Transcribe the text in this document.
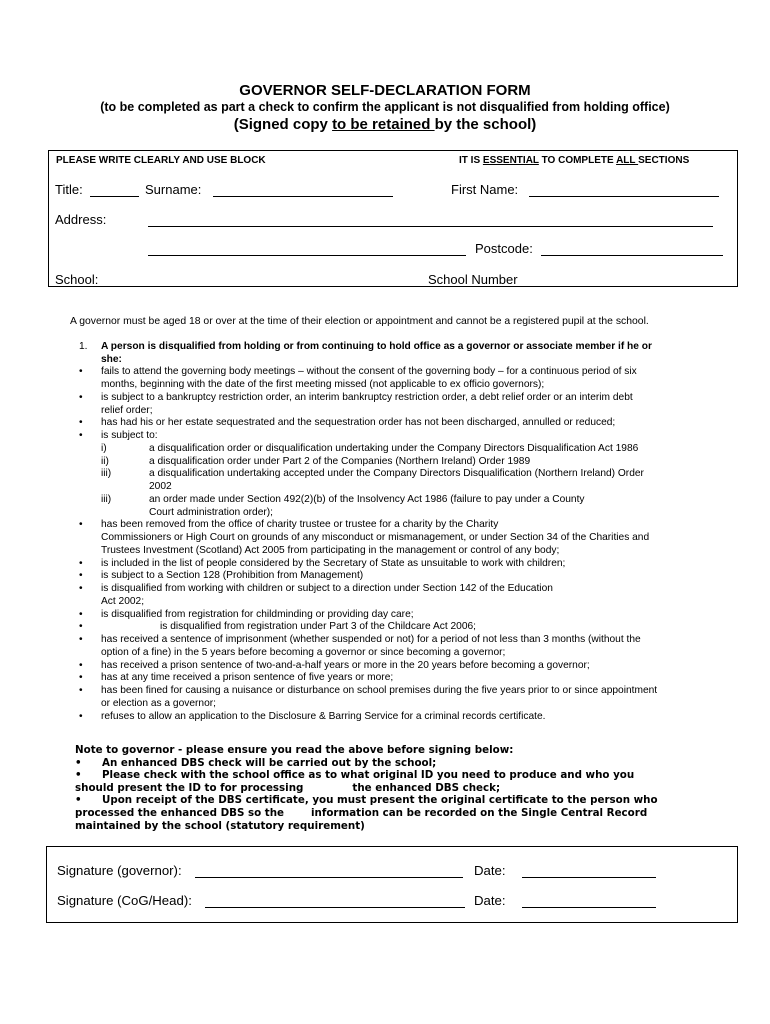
GOVERNOR SELF-DECLARATION FORM
(to be completed as part a check to confirm the applicant is not disqualified from holding office)
(Signed copy to be retained by the school)
PLEASE WRITE CLEARLY AND USE BLOCK	IT IS ESSENTIAL TO COMPLETE ALL SECTIONS
Title:	Surname:	First Name:
Address:
Postcode:
School:	School Number
A governor must be aged 18 or over at the time of their election or appointment and cannot be a registered pupil at the school.
1. A person is disqualified from holding or from continuing to hold office as a governor or associate member if he or
she:
• fails to attend the governing body meetings – without the consent of the governing body – for a continuous period of six
months, beginning with the date of the first meeting missed (not applicable to ex officio governors);
• is subject to a bankruptcy restriction order, an interim bankruptcy restriction order, a debt relief order or an interim debt
relief order;
• has had his or her estate sequestrated and the sequestration order has not been discharged, annulled or reduced;
• is subject to:
i)	a disqualification order or disqualification undertaking under the Company Directors Disqualification Act 1986
ii)	a disqualification order under Part 2 of the Companies (Northern Ireland) Order 1989
iii)	a disqualification undertaking accepted under the Company Directors Disqualification (Northern Ireland) Order
2002
iii)	an order made under Section 492(2)(b) of the Insolvency Act 1986 (failure to pay under a County
Court administration order);
• has been removed from the office of charity trustee or trustee for a charity by the Charity
Commissioners or High Court on grounds of any misconduct or mismanagement, or under Section 34 of the Charities and
Trustees Investment (Scotland) Act 2005 from participating in the management or control of any body;
• is included in the list of people considered by the Secretary of State as unsuitable to work with children;
• is subject to a Section 128 (Prohibition from Management)
• is disqualified from working with children or subject to a direction under Section 142 of the Education
Act 2002;
• is disqualified from registration for childminding or providing day care;
•	is disqualified from registration under Part 3 of the Childcare Act 2006;
• has received a sentence of imprisonment (whether suspended or not) for a period of not less than 3 months (without the
option of a fine) in the 5 years before becoming a governor or since becoming a governor;
• has received a prison sentence of two-and-a-half years or more in the 20 years before becoming a governor;
• has at any time received a prison sentence of five years or more;
• has been fined for causing a nuisance or disturbance on school premises during the five years prior to or since appointment
or election as a governor;
• refuses to allow an application to the Disclosure & Barring Service for a criminal records certificate.
Note to governor - please ensure you read the above before signing below:
• An enhanced DBS check will be carried out by the school;
• Please check with the school office as to what original ID you need to produce and who you
should present the ID to for processing	the enhanced DBS check;
• Upon receipt of the DBS certificate, you must present the original certificate to the person who
processed the enhanced DBS so the	information can be recorded on the Single Central Record
maintained by the school (statutory requirement)
Signature (governor):	Date:
Signature (CoG/Head):	Date:
